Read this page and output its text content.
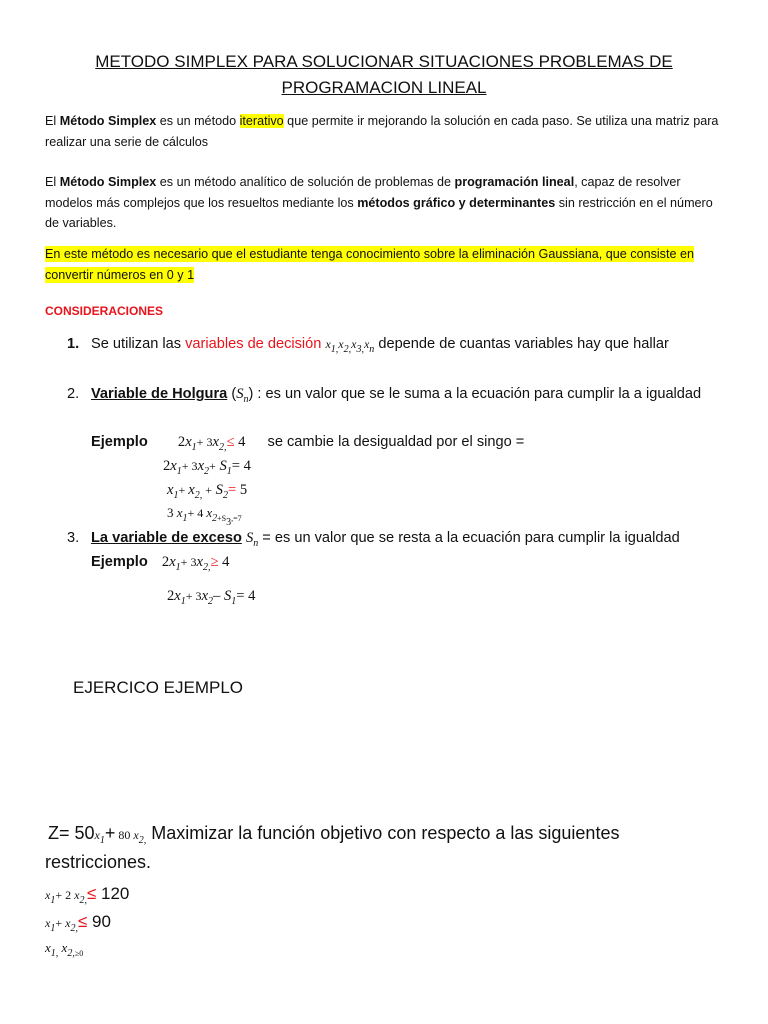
METODO SIMPLEX PARA SOLUCIONAR SITUACIONES PROBLEMAS DE
PROGRAMACION LINEAL
El Método Simplex es un método iterativo que permite ir mejorando la solución en cada paso. Se utiliza una matriz para realizar una serie de cálculos
El Método Simplex es un método analítico de solución de problemas de programación lineal, capaz de resolver modelos más complejos que los resueltos mediante los métodos gráfico y determinantes sin restricción en el número de variables.
En este método es necesario que el estudiante tenga conocimiento sobre la eliminación Gaussiana, que consiste en convertir números en 0 y 1
CONSIDERACIONES
1. Se utilizan las variables de decisión $x_{1,}x_{2,}x_{3,}x_n$ depende de cuantas variables hay que hallar
2. Variable de Holgura $(S_n)$ : es un valor que se le suma a la ecuación para cumplir la a igualdad
Ejemplo $2x_1+ 3x_{2,}\le 4$ se cambie la desigualdad por el singo =
$2x_1+ 3x_2+ S_1= 4$
$x_1+ x_{2,} + S_2= 5$
3 $x_1+ 4$ $x_{2+S_3,=7}$
3. La variable de exceso $S_n$ = es un valor que se resta a la ecuación para cumplir la igualdad
Ejemplo $2x_1+ 3x_{2,}\ge 4$
$2x_1+ 3x_2-$ $S_1= 4$
EJERCICO EJEMPLO
$Z= 50x_1+ 80$ $x_{2,}$ Maximizar la función objetivo con respecto a las siguientes restricciones.
$x_1+ 2$ $x_{2,}\le 120$
$x_1+ x_{2,}\le 90$
$x_{1,}$ $x_{2,\ge 0}$
